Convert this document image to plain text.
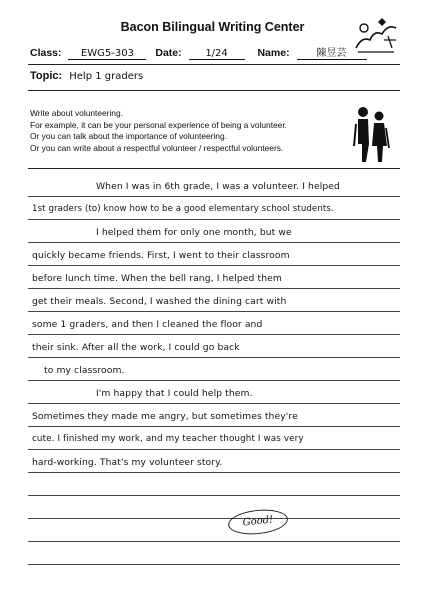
Bacon Bilingual Writing Center
Class: EWG5-303 Date: 1/24	Name:	陳昱芸
Topic: Help 1 graders
Write about volunteering.
For example, it can be your personal experience of being a volunteer.
Or you can talk about the importance of volunteering.
Or you can write about a respectful volunteer / respectful volunteers.
When I was in 6th grade, I was a volunteer. I helped
1st graders (to) know how to be a good elementary school students.
I helped them for only one month, but we
quickly became friends. First, I went to their classroom
before lunch time. When the bell rang, I helped them
get their meals. Second, I washed the dining cart with
some 1 graders, and then I cleaned the floor and
their sink. After all the work, I could go back
to my classroom.
I'm happy that I could help them.
Sometimes they made me angry, but sometimes they're
cute. I finished my work, and my teacher thought I was very
hard-working. That's my volunteer story.
Good!
